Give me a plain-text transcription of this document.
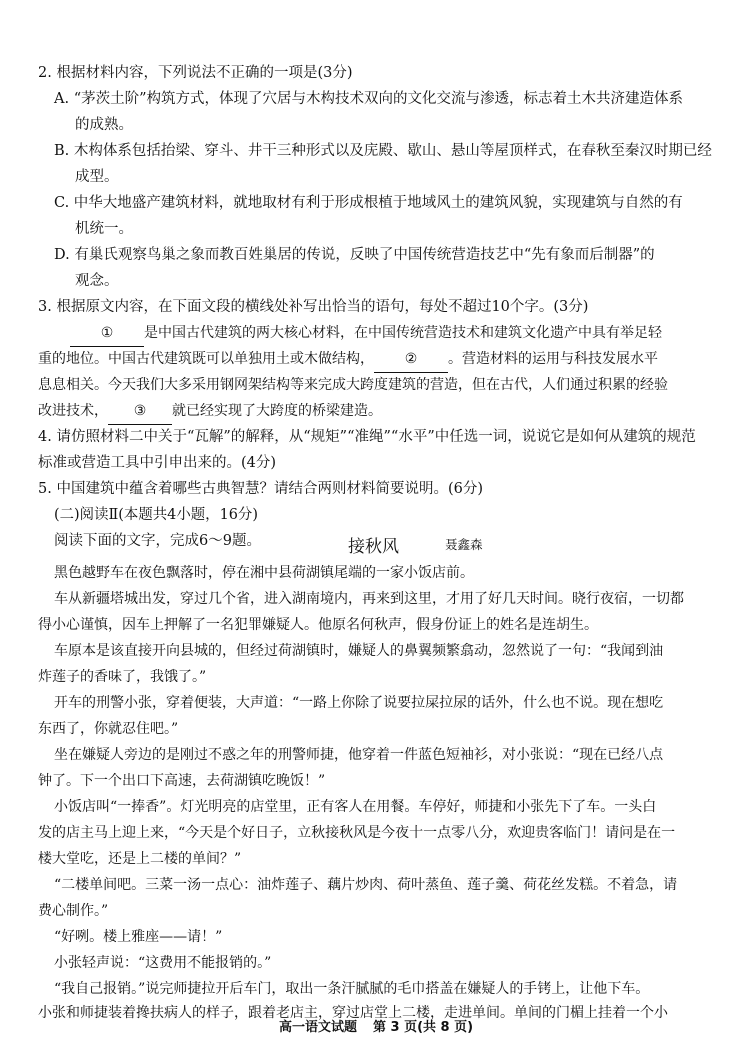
2. 根据材料内容，下列说法不正确的一项是(3分)
A. “茅茨土阶”构筑方式，体现了穴居与木构技术双向的文化交流与渗透，标志着土木共济建造体系
的成熟。
B. 木构体系包括抬梁、穿斗、井干三种形式以及庑殿、歇山、悬山等屋顶样式，在春秋至秦汉时期已经
成型。
C. 中华大地盛产建筑材料，就地取材有利于形成根植于地域风土的建筑风貌，实现建筑与自然的有
机统一。
D. 有巢氏观察鸟巢之象而教百姓巢居的传说，反映了中国传统营造技艺中“先有象而后制器”的
观念。
3. 根据原文内容，在下面文段的横线处补写出恰当的语句，每处不超过10个字。(3分)
① 是中国古代建筑的两大核心材料，在中国传统营造技术和建筑文化遗产中具有举足轻
重的地位。中国古代建筑既可以单独用土或木做结构， ② 。营造材料的运用与科技发展水平
息息相关。今天我们大多采用钢网架结构等来完成大跨度建筑的营造，但在古代，人们通过积累的经验
改进技术， ③ 就已经实现了大跨度的桥梁建造。
4. 请仿照材料二中关于“瓦解”的解释，从“规矩”“准绳”“水平”中任选一词，说说它是如何从建筑的规范
标准或营造工具中引申出来的。(4分)
5. 中国建筑中蕴含着哪些古典智慧？请结合两则材料简要说明。(6分)
(二)阅读Ⅱ(本题共4小题，16分)
阅读下面的文字，完成6～9题。	接秋风	聂鑫森
黑色越野车在夜色飘落时，停在湘中县荷湖镇尾端的一家小饭店前。
车从新疆塔城出发，穿过几个省，进入湖南境内，再来到这里，才用了好几天时间。晓行夜宿，一切都
得小心谨慎，因车上押解了一名犯罪嫌疑人。他原名何秋声，假身份证上的姓名是连胡生。
车原本是该直接开向县城的，但经过荷湖镇时，嫌疑人的鼻翼频繁翕动，忽然说了一句：“我闻到油
炸莲子的香味了，我饿了。”
开车的刑警小张，穿着便装，大声道：“一路上你除了说要拉屎拉尿的话外，什么也不说。现在想吃
东西了，你就忍住吧。”
坐在嫌疑人旁边的是刚过不惑之年的刑警师捷，他穿着一件蓝色短袖衫，对小张说：“现在已经八点
钟了。下一个出口下高速，去荷湖镇吃晚饭！”
小饭店叫“一捧香”。灯光明亮的店堂里，正有客人在用餐。车停好，师捷和小张先下了车。一头白
发的店主马上迎上来，“今天是个好日子，立秋接秋风是今夜十一点零八分，欢迎贵客临门！请问是在一
楼大堂吃，还是上二楼的单间？”
“二楼单间吧。三菜一汤一点心：油炸莲子、藕片炒肉、荷叶蒸鱼、莲子羹、荷花丝发糕。不着急，请
费心制作。”
“好咧。楼上雅座——请！”
小张轻声说：“这费用不能报销的。”
“我自己报销。”说完师捷拉开后车门，取出一条汗腻腻的毛巾搭盖在嫌疑人的手铐上，让他下车。
小张和师捷装着搀扶病人的样子，跟着老店主，穿过店堂上二楼，走进单间。单间的门楣上挂着一个小
高一语文试题 第 3 页(共 8 页)
